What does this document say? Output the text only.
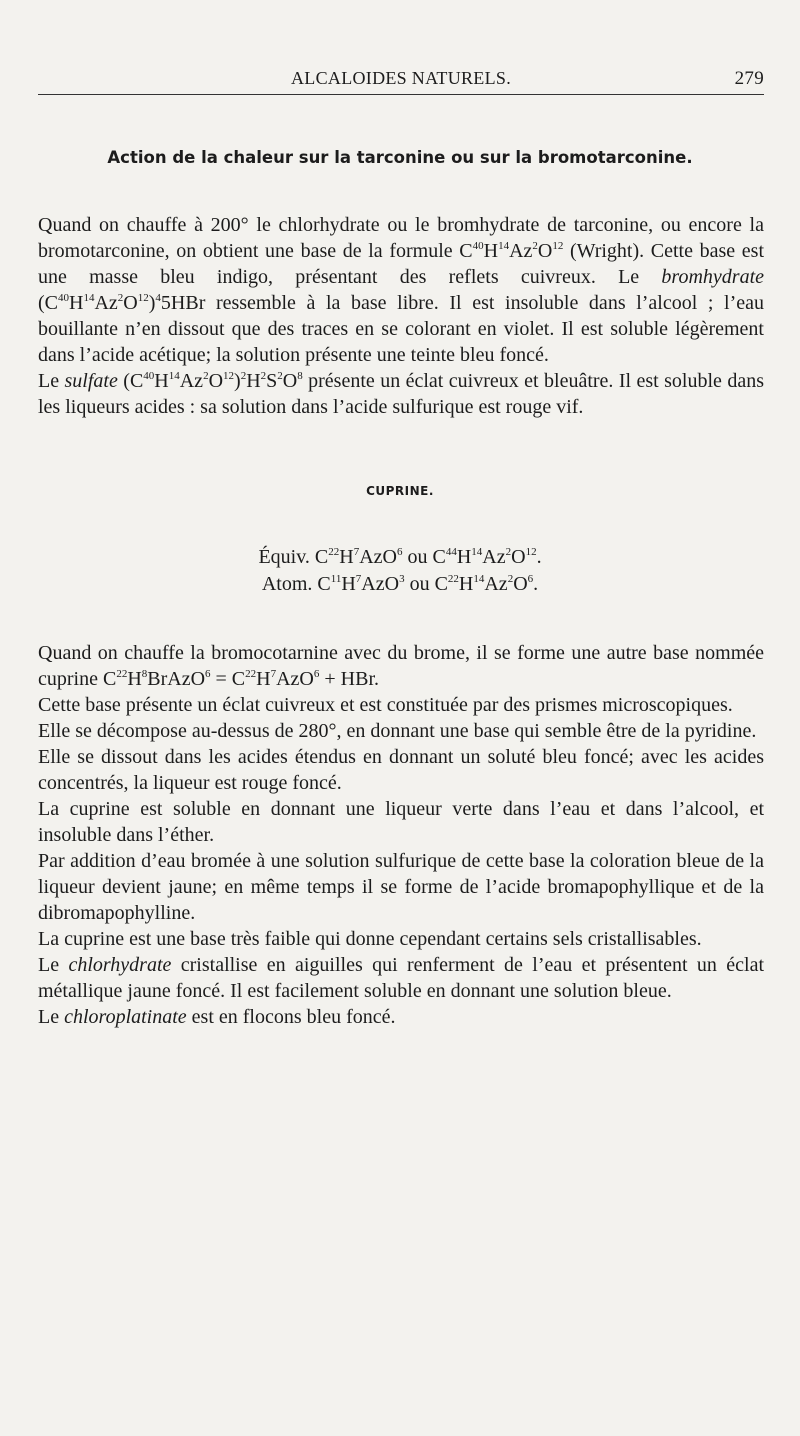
ALCALOIDES NATURELS.	279
Action de la chaleur sur la tarconine ou sur la bromotarconine.

Quand on chauffe à 200° le chlorhydrate ou le bromhydrate de tarconine, ou encore la bromotarconine, on obtient une base de la formule $C^{40}H^{14}Az^2O^{12}$ (Wright). Cette base est une masse bleu indigo, présentant des reflets cuivreux. Le bromhydrate $(C^{40}H^{14}Az^2O^{12})^45HBr$ ressemble à la base libre. Il est insoluble dans l’alcool ; l’eau bouillante n’en dissout que des traces en se colorant en violet. Il est soluble légèrement dans l’acide acétique; la solution présente une teinte bleu foncé.

Le sulfate $(C^{40}H^{14}Az^2O^{12})^2H^2S^2O^8$ présente un éclat cuivreux et bleuâtre. Il est soluble dans les liqueurs acides : sa solution dans l’acide sulfurique est rouge vif.

CUPRINE.
Équiv. $C^{22}H^7AzO^6$ ou $C^{44}H^{14}Az^2O^{12}$.
Atom. $C^{11}H^7AzO^3$ ou $C^{22}H^{14}Az^2O^6$.

Quand on chauffe la bromocotarnine avec du brome, il se forme une autre base nommée cuprine $C^{22}H^8BrAzO^6 = C^{22}H^7AzO^6$ + HBr.

Cette base présente un éclat cuivreux et est constituée par des prismes microscopiques.

Elle se décompose au-dessus de 280°, en donnant une base qui semble être de la pyridine.

Elle se dissout dans les acides étendus en donnant un soluté bleu foncé; avec les acides concentrés, la liqueur est rouge foncé.

La cuprine est soluble en donnant une liqueur verte dans l’eau et dans l’alcool, et insoluble dans l’éther.

Par addition d’eau bromée à une solution sulfurique de cette base la coloration bleue de la liqueur devient jaune; en même temps il se forme de l’acide bromapophyllique et de la dibromapophylline.

La cuprine est une base très faible qui donne cependant certains sels cristallisables.

Le chlorhydrate cristallise en aiguilles qui renferment de l’eau et présentent un éclat métallique jaune foncé. Il est facilement soluble en donnant une solution bleue.

Le chloroplatinate est en flocons bleu foncé.
